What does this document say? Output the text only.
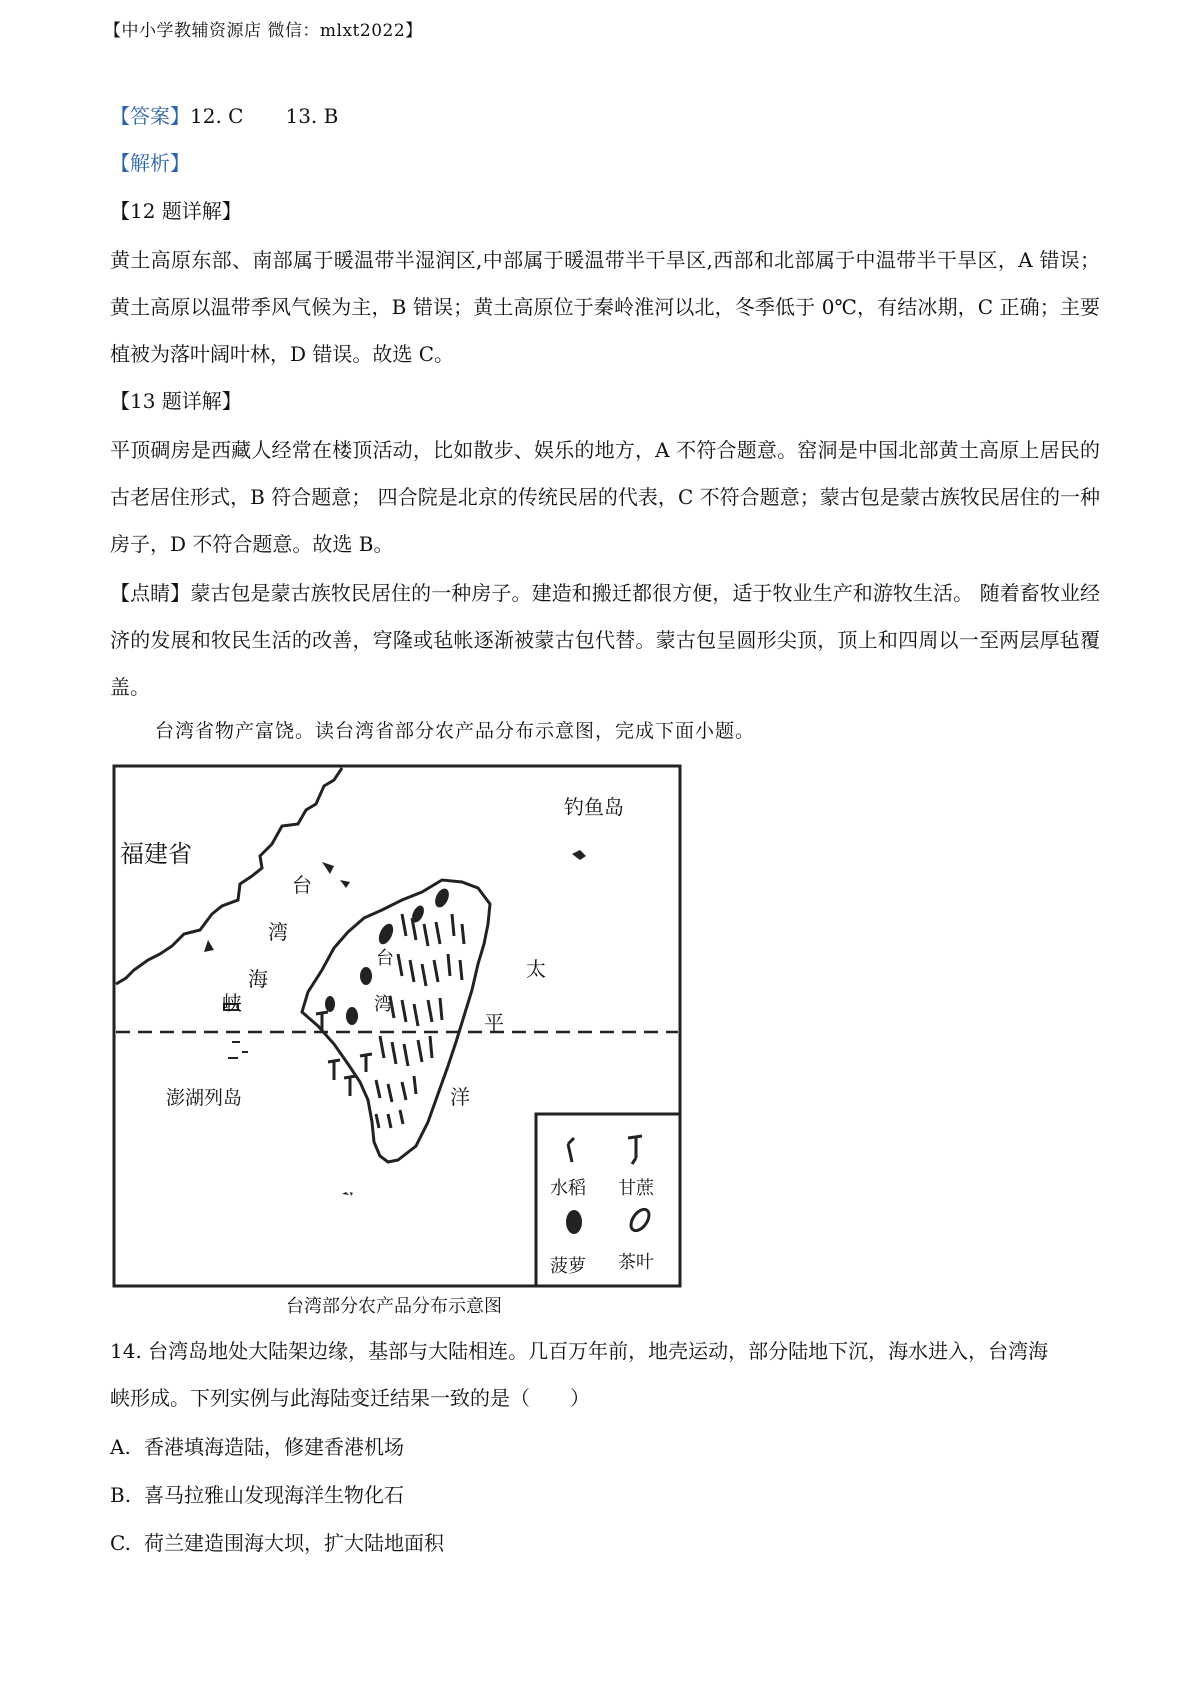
【中小学教辅资源店 微信：mlxt2022】
【答案】12. C 13. B
【解析】
【12 题详解】
黄土高原东部、南部属于暖温带半湿润区,中部属于暖温带半干旱区,西部和北部属于中温带半干旱区，A 错误；黄土高原以温带季风气候为主，B 错误；黄土高原位于秦岭淮河以北，冬季低于 0℃，有结冰期，C 正确；主要植被为落叶阔叶林，D 错误。故选 C。
【13 题详解】
平顶碉房是西藏人经常在楼顶活动，比如散步、娱乐的地方，A 不符合题意。窑洞是中国北部黄土高原上居民的古老居住形式，B 符合题意； 四合院是北京的传统民居的代表，C 不符合题意；蒙古包是蒙古族牧民居住的一种房子，D 不符合题意。故选 B。
【点睛】蒙古包是蒙古族牧民居住的一种房子。建造和搬迁都很方便，适于牧业生产和游牧生活。 随着畜牧业经济的发展和牧民生活的改善，穹隆或毡帐逐渐被蒙古包代替。蒙古包呈圆形尖顶，顶上和四周以一至两层厚毡覆盖。
台湾省物产富饶。读台湾省部分农产品分布示意图，完成下面小题。
福建省
钓鱼岛
台
湾
海
峡
台
湾
太
平
洋
澎湖列岛
水稻 甘蔗
菠萝 茶叶
台湾部分农产品分布示意图
14. 台湾岛地处大陆架边缘，基部与大陆相连。几百万年前，地壳运动，部分陆地下沉，海水进入，台湾海
峡形成。下列实例与此海陆变迁结果一致的是（　　）
A. 香港填海造陆，修建香港机场
B. 喜马拉雅山发现海洋生物化石
C. 荷兰建造围海大坝，扩大陆地面积
